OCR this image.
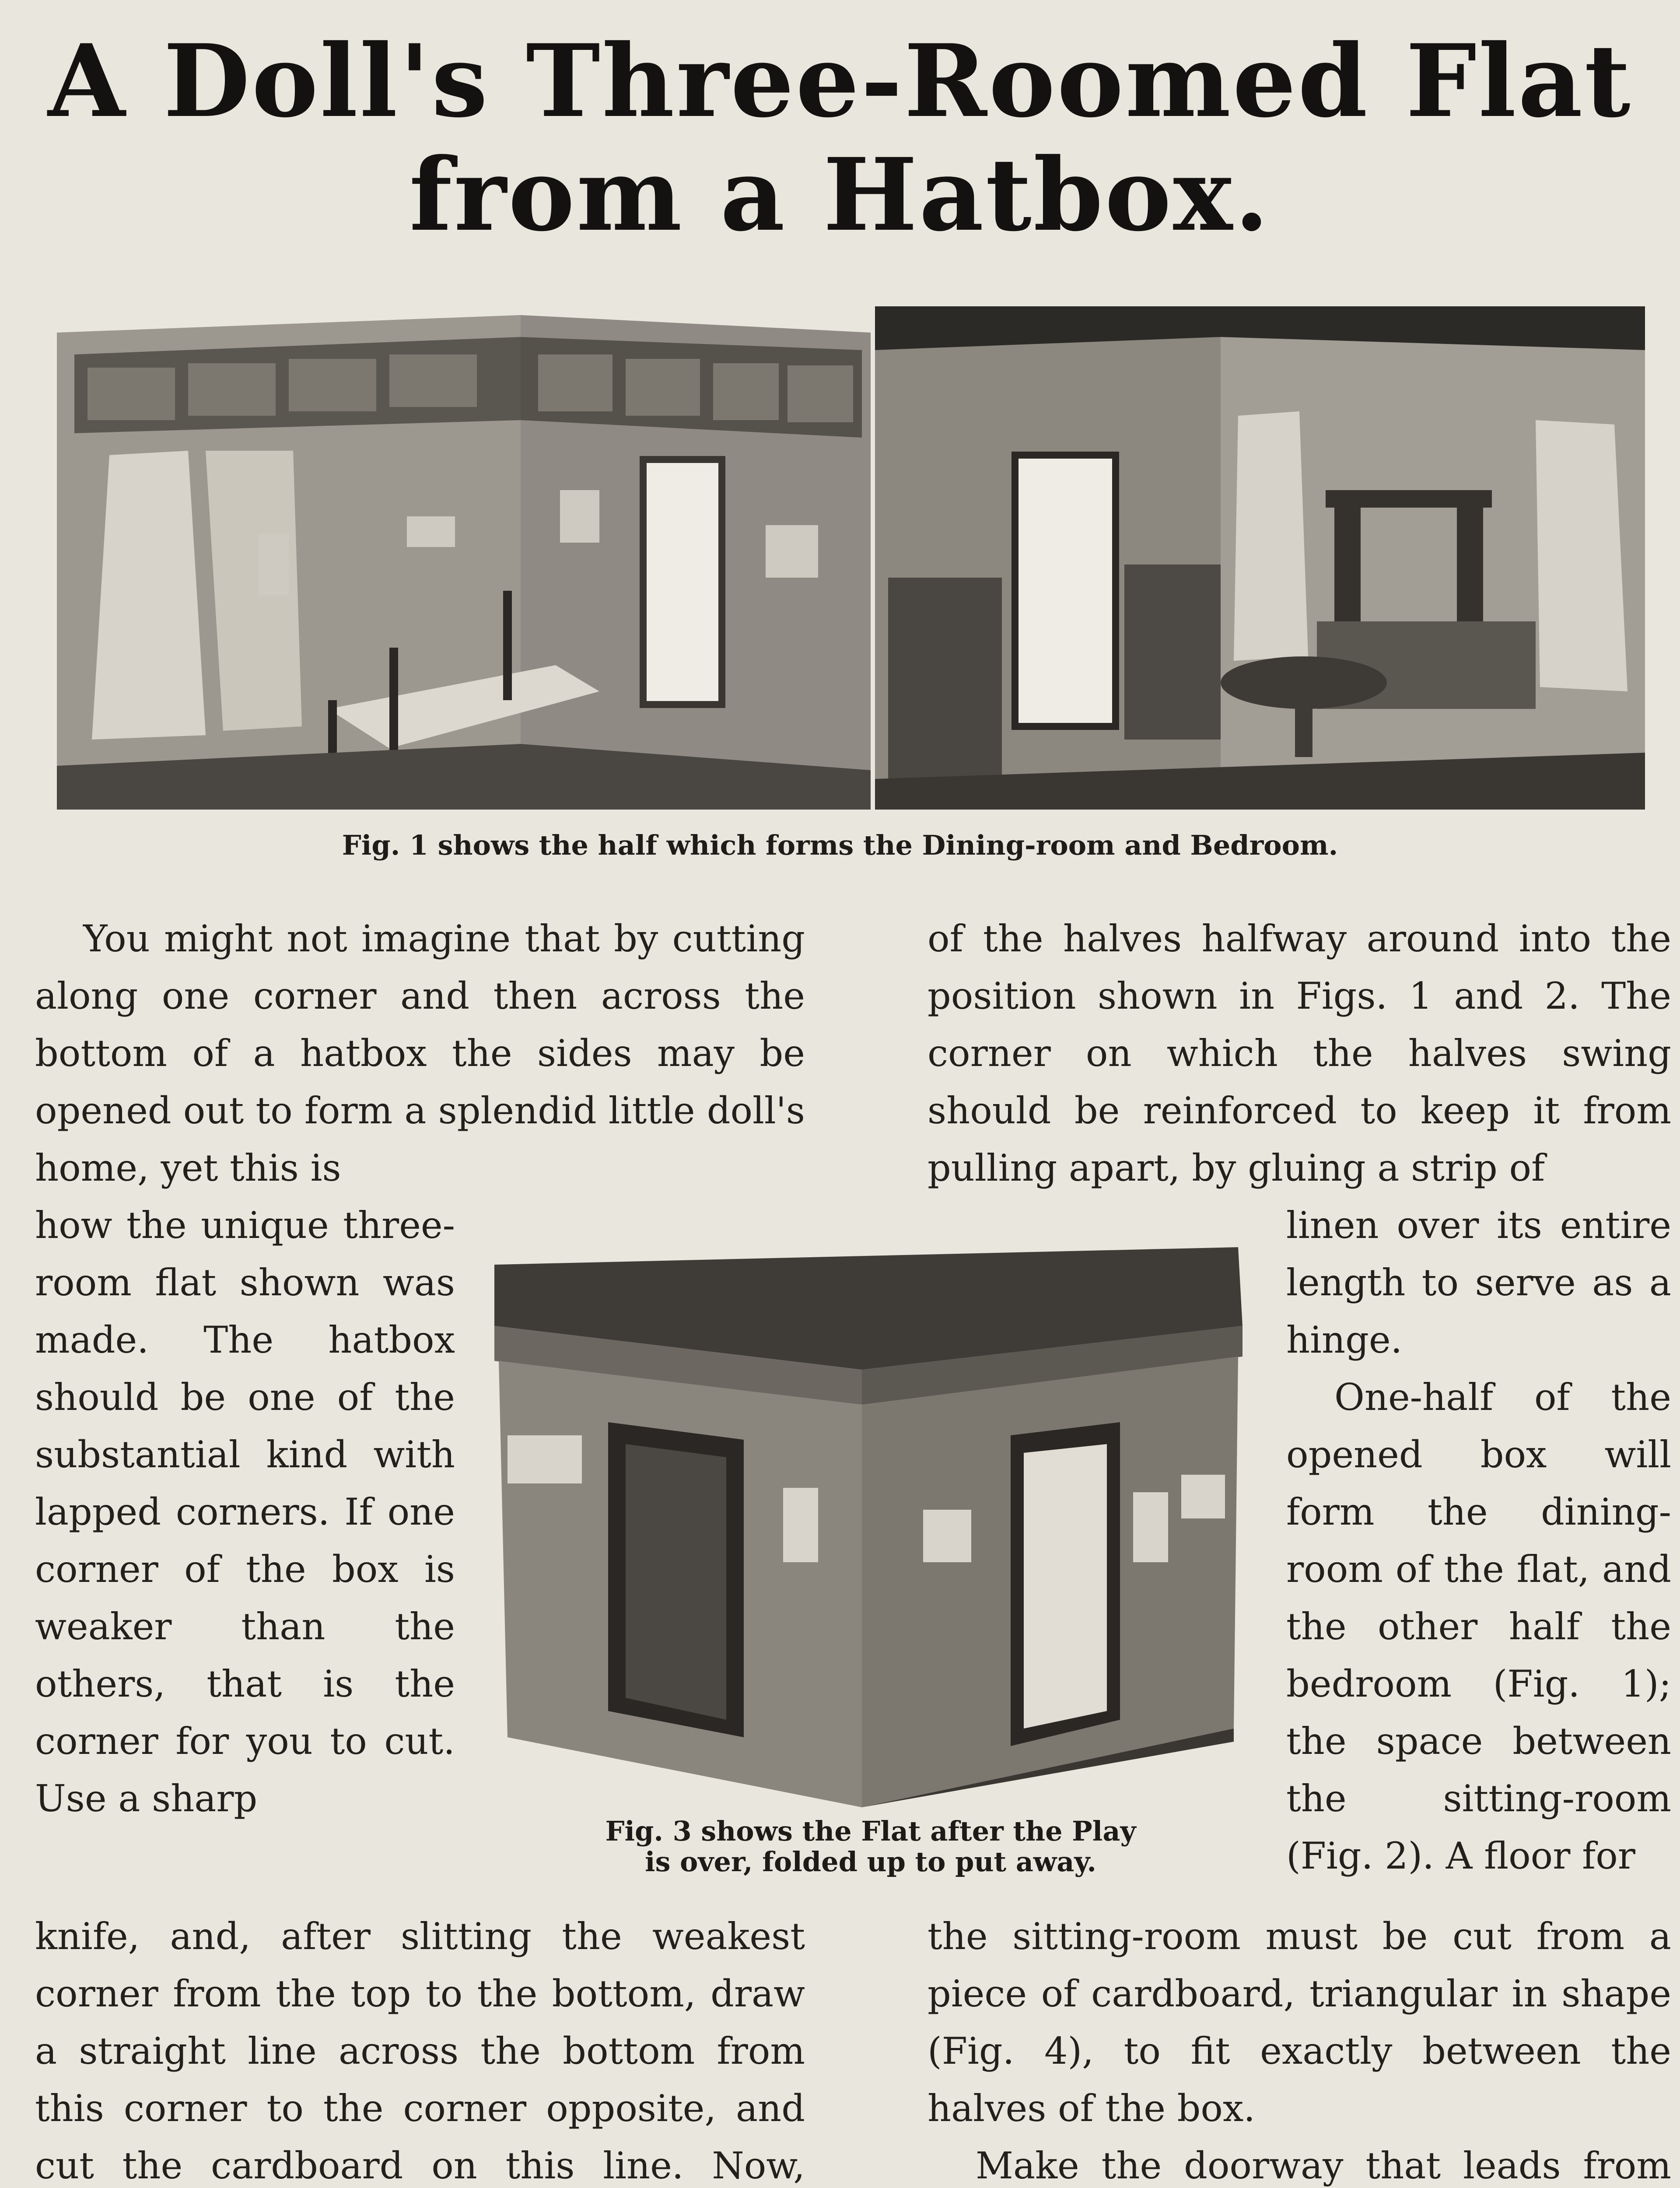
A Doll's Three-Roomed Flat
from a Hatbox.
Fig. 1 shows the half which forms the Dining-room and Bedroom.

You might not imagine that by cutting along one corner and then across the bottom of a hatbox the sides may be opened out to form a splendid little doll's home, yet this is

how the unique three-room flat shown was made. The hatbox should be one of the substantial kind with lapped corners. If one corner of the box is weaker than the others, that is the corner for you to cut. Use a sharp

knife, and, after slitting the weakest corner from the top to the bottom, draw a straight line across the bottom from this corner to the corner opposite, and cut the cardboard on this line. Now,

of the halves halfway around into the position shown in Figs. 1 and 2. The corner on which the halves swing should be reinforced to keep it from pulling apart, by gluing a strip of

linen over its entire length to serve as a hinge.

One-half of the opened box will form the dining-room of the flat, and the other half the bedroom (Fig. 1); the space between the sitting-room (Fig. 2). A floor for

the sitting-room must be cut from a piece of cardboard, triangular in shape (Fig. 4), to fit exactly between the halves of the box.

Make the doorway that leads from

Fig. 3 shows the Flat after the Play
is over, folded up to put away.
